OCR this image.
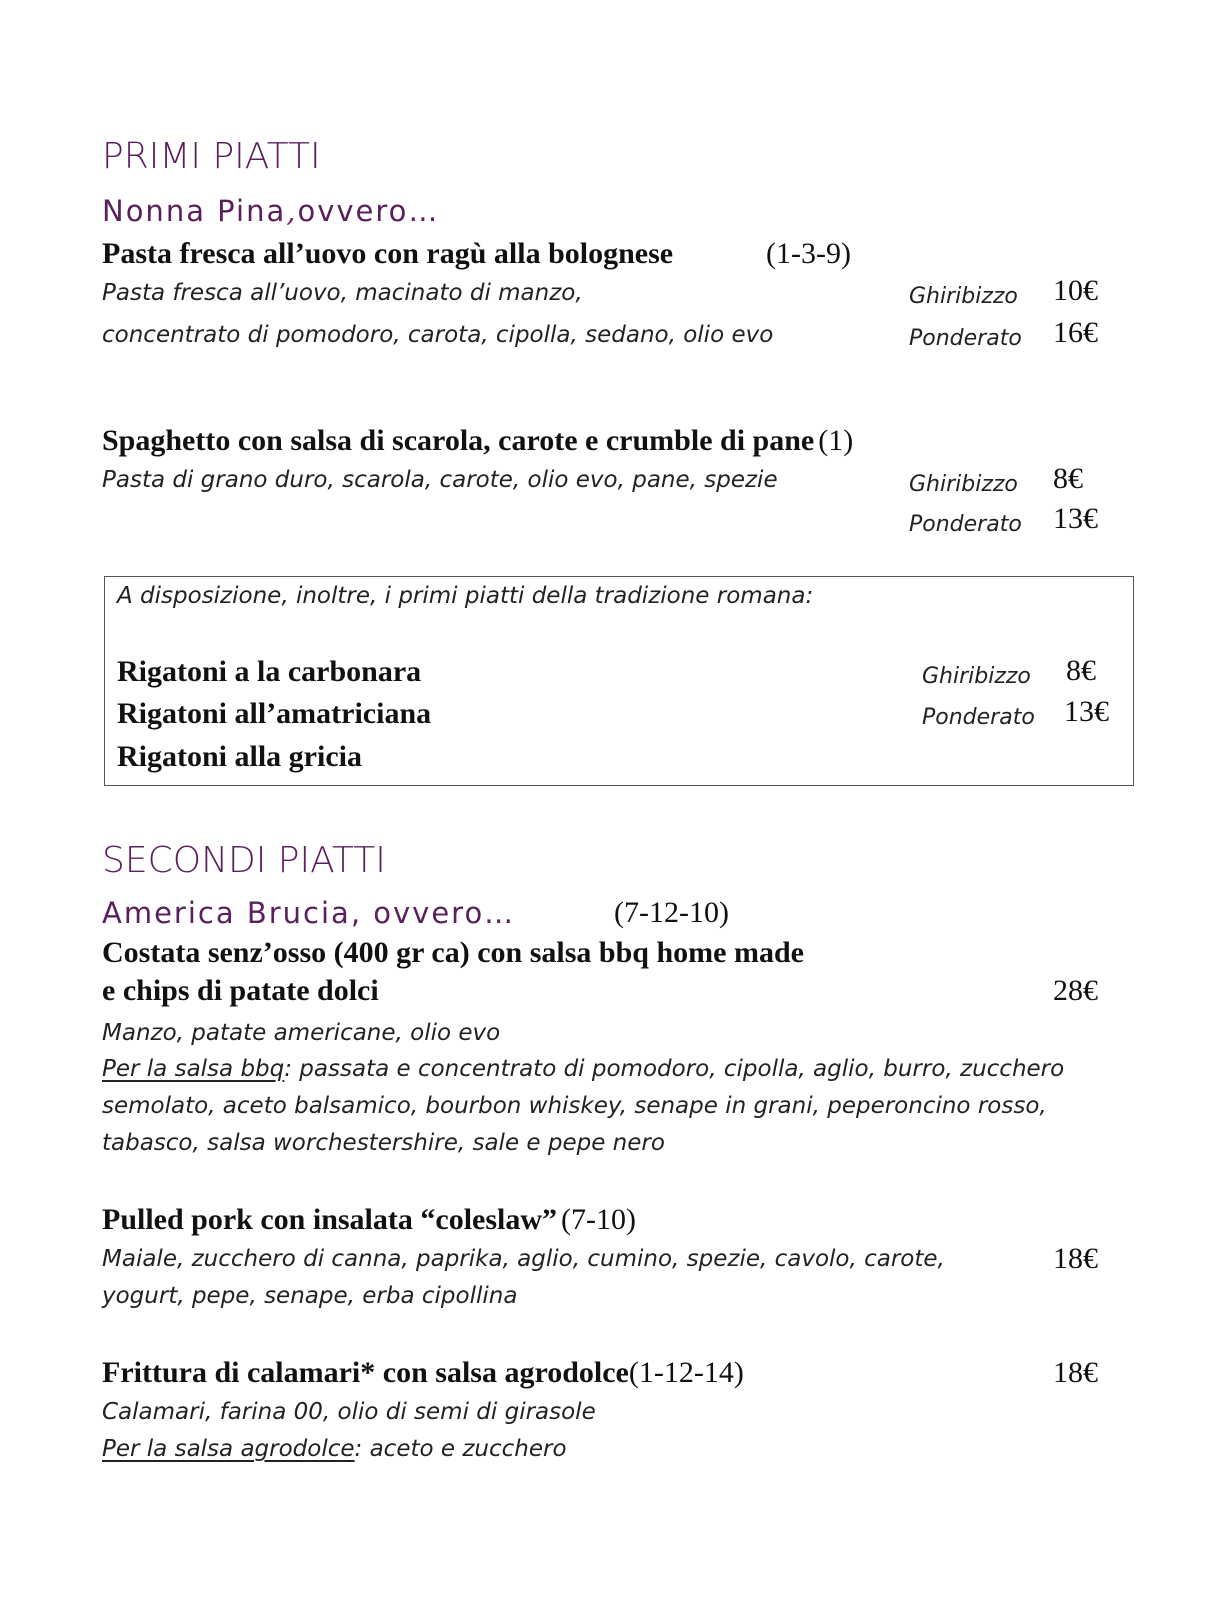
PRIMI PIATTI
Nonna Pina,ovvero…
Pasta fresca all’uovo con ragù alla bolognese	(1-3-9)
Pasta fresca all’uovo, macinato di manzo,
concentrato di pomodoro, carota, cipolla, sedano, olio evo
Ghiribizzo 10€
Ponderato 16€
Spaghetto con salsa di scarola, carote e crumble di pane (1)
Pasta di grano duro, scarola, carote, olio evo, pane, spezie	Ghiribizzo 8€
Ponderato 13€
A disposizione, inoltre, i primi piatti della tradizione romana:
Rigatoni a la carbonara
Rigatoni all’amatriciana
Rigatoni alla gricia
Ghiribizzo 8€
Ponderato 13€
SECONDI PIATTI
America Brucia, ovvero…	(7-12-10)
Costata senz’osso (400 gr ca) con salsa bbq home made
e chips di patate dolci	28€
Manzo, patate americane, olio evo
Per la salsa bbq: passata e concentrato di pomodoro, cipolla, aglio, burro, zucchero
semolato, aceto balsamico, bourbon whiskey, senape in grani, peperoncino rosso,
tabasco, salsa worchestershire, sale e pepe nero
Pulled pork con insalata “coleslaw” (7-10)
18€
Maiale, zucchero di canna, paprika, aglio, cumino, spezie, cavolo, carote,
yogurt, pepe, senape, erba cipollina
Frittura di calamari* con salsa agrodolce(1-12-14)	18€
Calamari, farina 00, olio di semi di girasole
Per la salsa agrodolce: aceto e zucchero
